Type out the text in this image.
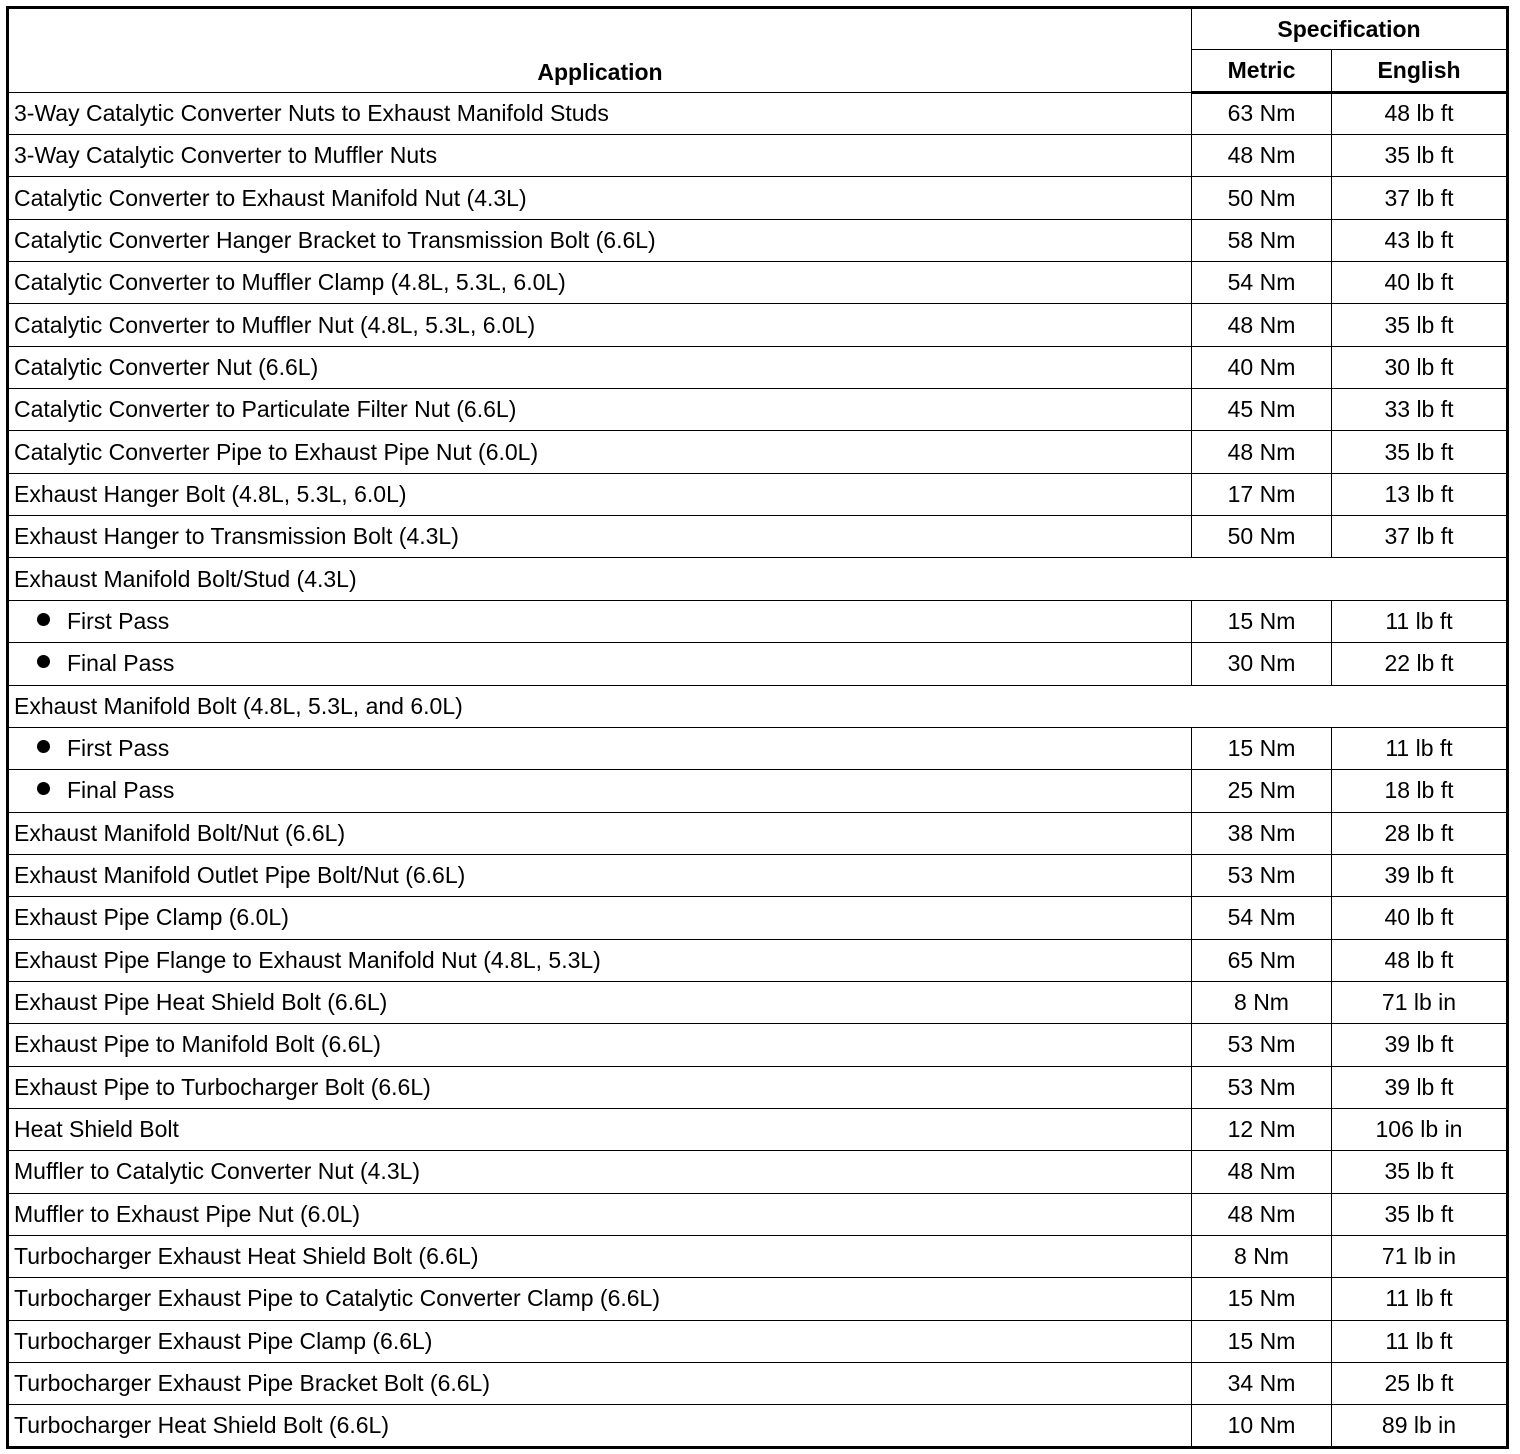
Application	Specification	
	Metric	English
3-Way Catalytic Converter Nuts to Exhaust Manifold Studs	63 Nm	48 lb ft
3-Way Catalytic Converter to Muffler Nuts	48 Nm	35 lb ft
Catalytic Converter to Exhaust Manifold Nut (4.3L)	50 Nm	37 lb ft
Catalytic Converter Hanger Bracket to Transmission Bolt (6.6L)	58 Nm	43 lb ft
Catalytic Converter to Muffler Clamp (4.8L, 5.3L, 6.0L)	54 Nm	40 lb ft
Catalytic Converter to Muffler Nut (4.8L, 5.3L, 6.0L)	48 Nm	35 lb ft
Catalytic Converter Nut (6.6L)	40 Nm	30 lb ft
Catalytic Converter to Particulate Filter Nut (6.6L)	45 Nm	33 lb ft
Catalytic Converter Pipe to Exhaust Pipe Nut (6.0L)	48 Nm	35 lb ft
Exhaust Hanger Bolt (4.8L, 5.3L, 6.0L)	17 Nm	13 lb ft
Exhaust Hanger to Transmission Bolt (4.3L)	50 Nm	37 lb ft
Exhaust Manifold Bolt/Stud (4.3L)		
First Pass	15 Nm	11 lb ft
Final Pass	30 Nm	22 lb ft
Exhaust Manifold Bolt (4.8L, 5.3L, and 6.0L)		
First Pass	15 Nm	11 lb ft
Final Pass	25 Nm	18 lb ft
Exhaust Manifold Bolt/Nut (6.6L)	38 Nm	28 lb ft
Exhaust Manifold Outlet Pipe Bolt/Nut (6.6L)	53 Nm	39 lb ft
Exhaust Pipe Clamp (6.0L)	54 Nm	40 lb ft
Exhaust Pipe Flange to Exhaust Manifold Nut (4.8L, 5.3L)	65 Nm	48 lb ft
Exhaust Pipe Heat Shield Bolt (6.6L)	8 Nm	71 lb in
Exhaust Pipe to Manifold Bolt (6.6L)	53 Nm	39 lb ft
Exhaust Pipe to Turbocharger Bolt (6.6L)	53 Nm	39 lb ft
Heat Shield Bolt	12 Nm	106 lb in
Muffler to Catalytic Converter Nut (4.3L)	48 Nm	35 lb ft
Muffler to Exhaust Pipe Nut (6.0L)	48 Nm	35 lb ft
Turbocharger Exhaust Heat Shield Bolt (6.6L)	8 Nm	71 lb in
Turbocharger Exhaust Pipe to Catalytic Converter Clamp (6.6L)	15 Nm	11 lb ft
Turbocharger Exhaust Pipe Clamp (6.6L)	15 Nm	11 lb ft
Turbocharger Exhaust Pipe Bracket Bolt (6.6L)	34 Nm	25 lb ft
Turbocharger Heat Shield Bolt (6.6L)	10 Nm	89 lb in
